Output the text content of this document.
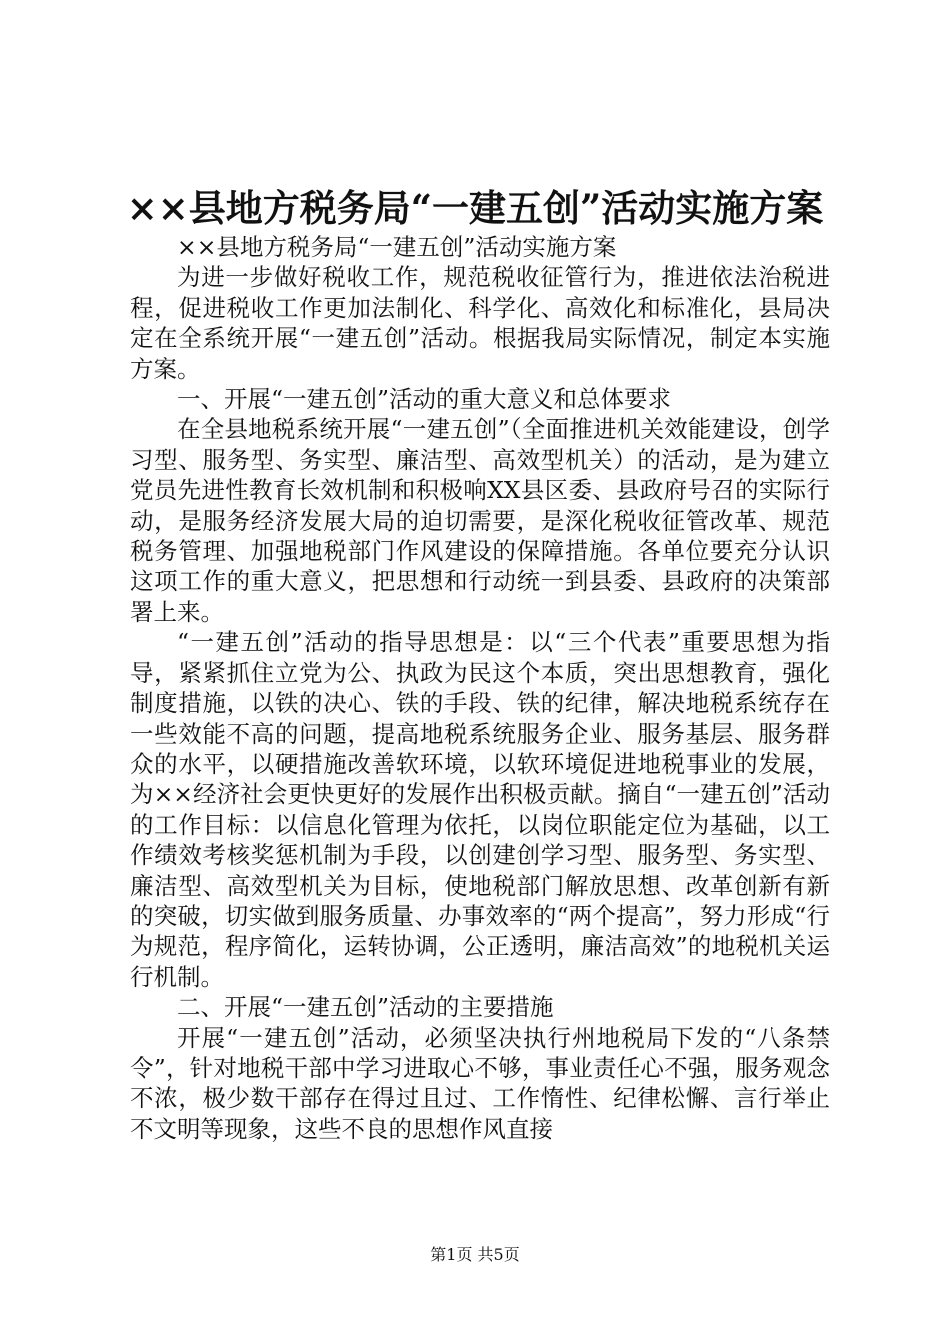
××县地方税务局“一建五创”活动实施方案

××县地方税务局“一建五创”活动实施方案

为进一步做好税收工作，规范税收征管行为，推进依法治税进程，促进税收工作更加法制化、科学化、高效化和标准化，县局决定在全系统开展“一建五创”活动。根据我局实际情况，制定本实施方案。

一、开展“一建五创”活动的重大意义和总体要求

在全县地税系统开展“一建五创”（全面推进机关效能建设，创学习型、服务型、务实型、廉洁型、高效型机关）的活动，是为建立党员先进性教育长效机制和积极响XX县区委、县政府号召的实际行动，是服务经济发展大局的迫切需要，是深化税收征管改革、规范税务管理、加强地税部门作风建设的保障措施。各单位要充分认识这项工作的重大意义，把思想和行动统一到县委、县政府的决策部署上来。

“一建五创”活动的指导思想是：以“三个代表”重要思想为指导，紧紧抓住立党为公、执政为民这个本质，突出思想教育，强化制度措施，以铁的决心、铁的手段、铁的纪律，解决地税系统存在一些效能不高的问题，提高地税系统服务企业、服务基层、服务群众的水平，以硬措施改善软环境，以软环境促进地税事业的发展，为××经济社会更快更好的发展作出积极贡献。摘自“一建五创”活动的工作目标：以信息化管理为依托，以岗位职能定位为基础，以工作绩效考核奖惩机制为手段，以创建创学习型、服务型、务实型、廉洁型、高效型机关为目标，使地税部门解放思想、改革创新有新的突破，切实做到服务质量、办事效率的“两个提高”，努力形成“行为规范，程序简化，运转协调，公正透明，廉洁高效”的地税机关运行机制。

二、开展“一建五创”活动的主要措施

开展“一建五创”活动，必须坚决执行州地税局下发的“八条禁令”，针对地税干部中学习进取心不够，事业责任心不强，服务观念不浓，极少数干部存在得过且过、工作惰性、纪律松懈、言行举止不文明等现象，这些不良的思想作风直接

第1页 共5页
